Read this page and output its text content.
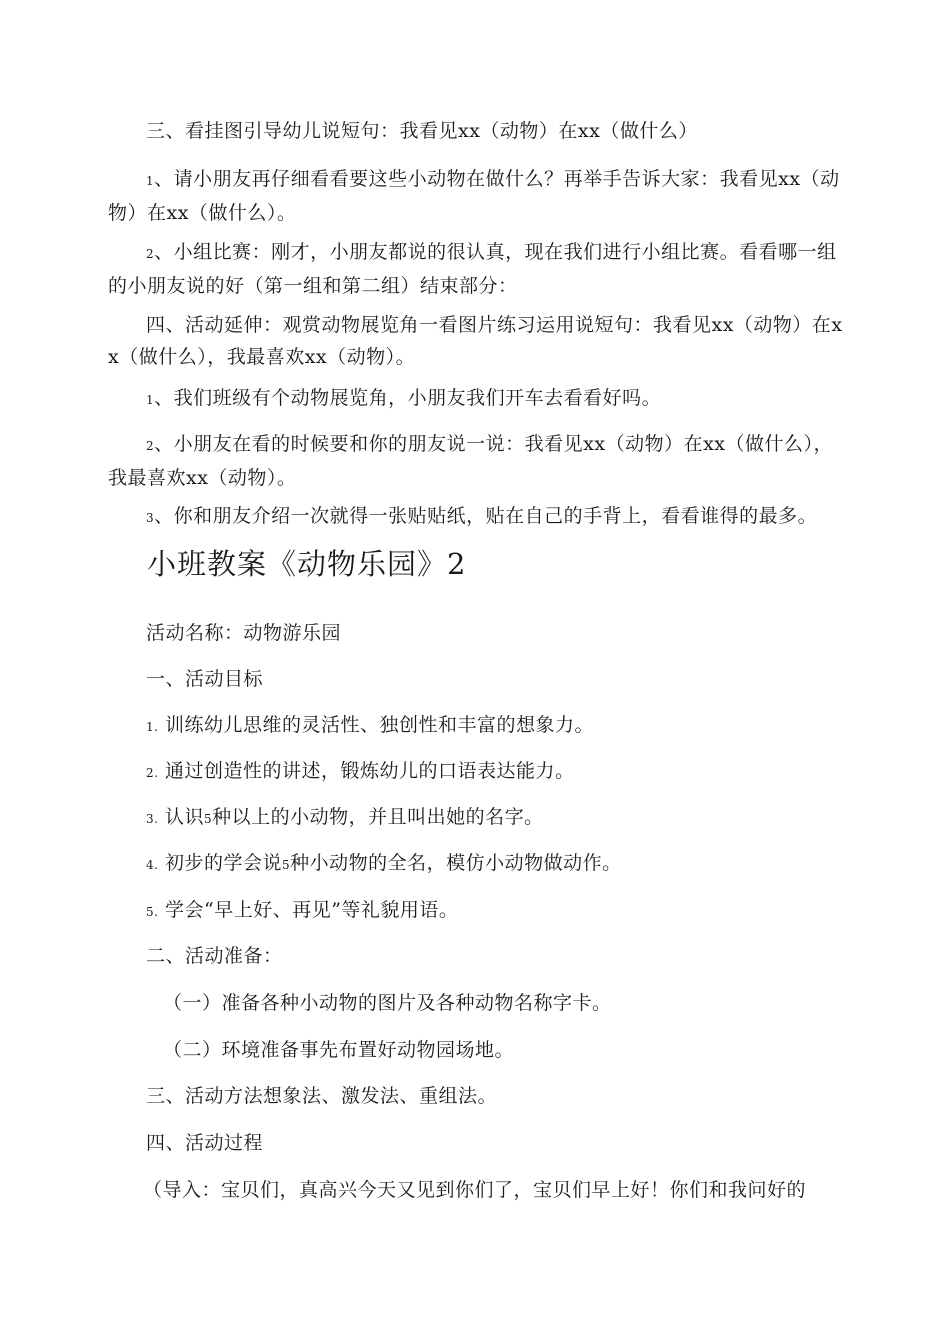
三、看挂图引导幼儿说短句：我看见xx（动物）在xx（做什么）
1、请小朋友再仔细看看要这些小动物在做什么？再举手告诉大家：我看见xx（动物）在xx（做什么）。
2、小组比赛：刚才，小朋友都说的很认真，现在我们进行小组比赛。看看哪一组的小朋友说的好（第一组和第二组）结束部分：
四、活动延伸：观赏动物展览角一看图片练习运用说短句：我看见xx（动物）在xx（做什么），我最喜欢xx（动物）。
1、我们班级有个动物展览角，小朋友我们开车去看看好吗。
2、小朋友在看的时候要和你的朋友说一说：我看见xx（动物）在xx（做什么），我最喜欢xx（动物）。
3、你和朋友介绍一次就得一张贴贴纸，贴在自己的手背上，看看谁得的最多。
小班教案《动物乐园》2
活动名称：动物游乐园
一、活动目标
1. 训练幼儿思维的灵活性、独创性和丰富的想象力。
2. 通过创造性的讲述，锻炼幼儿的口语表达能力。
3. 认识5种以上的小动物，并且叫出她的名字。
4. 初步的学会说5种小动物的全名，模仿小动物做动作。
5. 学会“早上好、再见”等礼貌用语。
二、活动准备：
（一）准备各种小动物的图片及各种动物名称字卡。
（二）环境准备事先布置好动物园场地。
三、活动方法想象法、激发法、重组法。
四、活动过程
（导入：宝贝们，真高兴今天又见到你们了，宝贝们早上好！你们和我问好的
